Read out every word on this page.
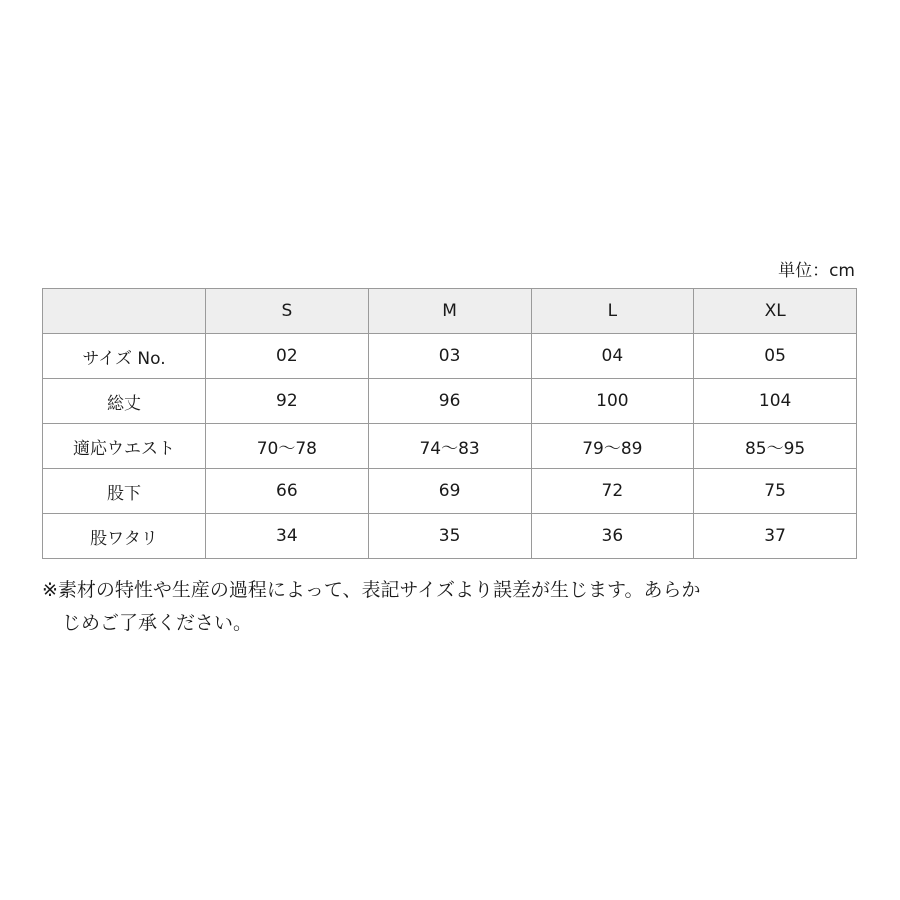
単位：cm
	S	M	L	XL
サイズ No.	02	03	04	05
総丈	92	96	100	104
適応ウエスト	70〜78	74〜83	79〜89	85〜95
股下	66	69	72	75
股ワタリ	34	35	36	37
※素材の特性や生産の過程によって、表記サイズより誤差が生じます。あらか
じめご了承ください。
